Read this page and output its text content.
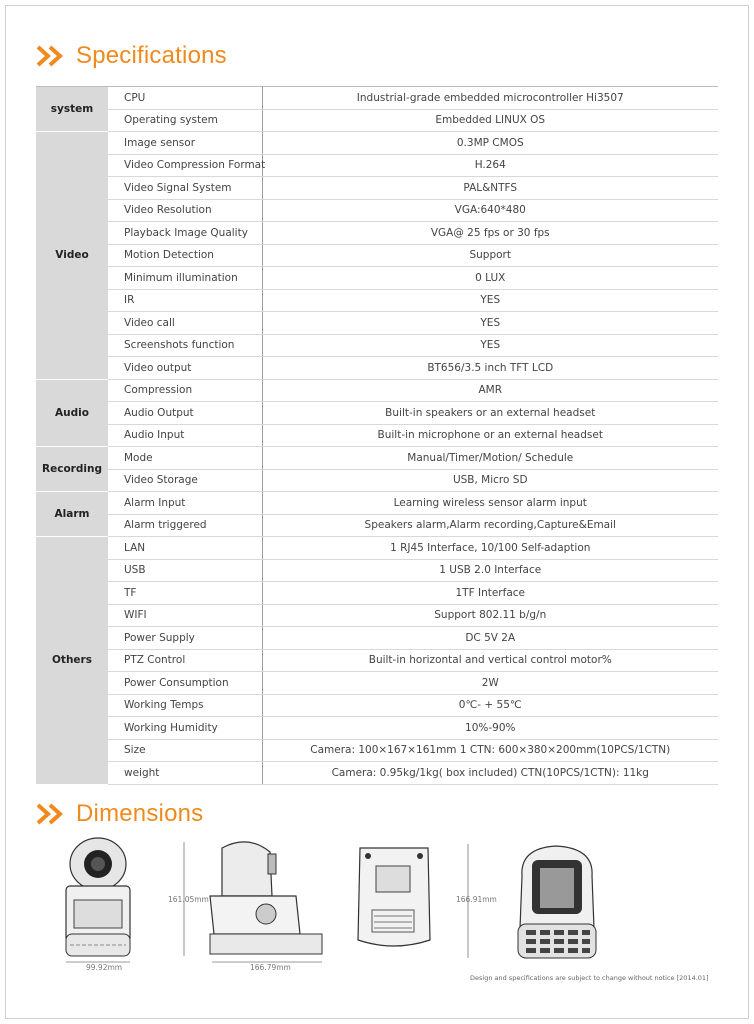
Specifications
system	CPU	Industrial-grade embedded microcontroller Hi3507
	Operating system	Embedded LINUX OS
Video	Image sensor	0.3MP CMOS
	Video Compression Format	H.264
	Video Signal System	PAL&NTFS
	Video Resolution	VGA:640*480
	Playback Image Quality	VGA@ 25 fps or 30 fps
	Motion Detection	Support
	Minimum illumination	0 LUX
	IR	YES
	Video call	YES
	Screenshots function	YES
	Video output	BT656/3.5 inch TFT LCD
Audio	Compression	AMR
	Audio Output	Built-in speakers or an external headset
	Audio Input	Built-in microphone or an external headset
Recording	Mode	Manual/Timer/Motion/ Schedule
	Video Storage	USB, Micro SD
Alarm	Alarm Input	Learning wireless sensor alarm input
	Alarm triggered	Speakers alarm,Alarm recording,Capture&Email
Others	LAN	1 RJ45 Interface, 10/100 Self-adaption
	USB	1 USB 2.0 Interface
	TF	1TF Interface
	WIFI	Support 802.11 b/g/n
	Power Supply	DC 5V 2A
	PTZ Control	Built-in horizontal and vertical control motor%
	Power Consumption	2W
	Working Temps	0℃- + 55℃
	Working Humidity	10%-90%
	Size	Camera: 100×167×161mm 1 CTN: 600×380×200mm(10PCS/1CTN)
	weight	Camera: 0.95kg/1kg( box included) CTN(10PCS/1CTN): 11kg
Dimensions
99.92mm
161.05mm
166.79mm
166.91mm
Design and specifications are subject to change without notice [2014.01]
